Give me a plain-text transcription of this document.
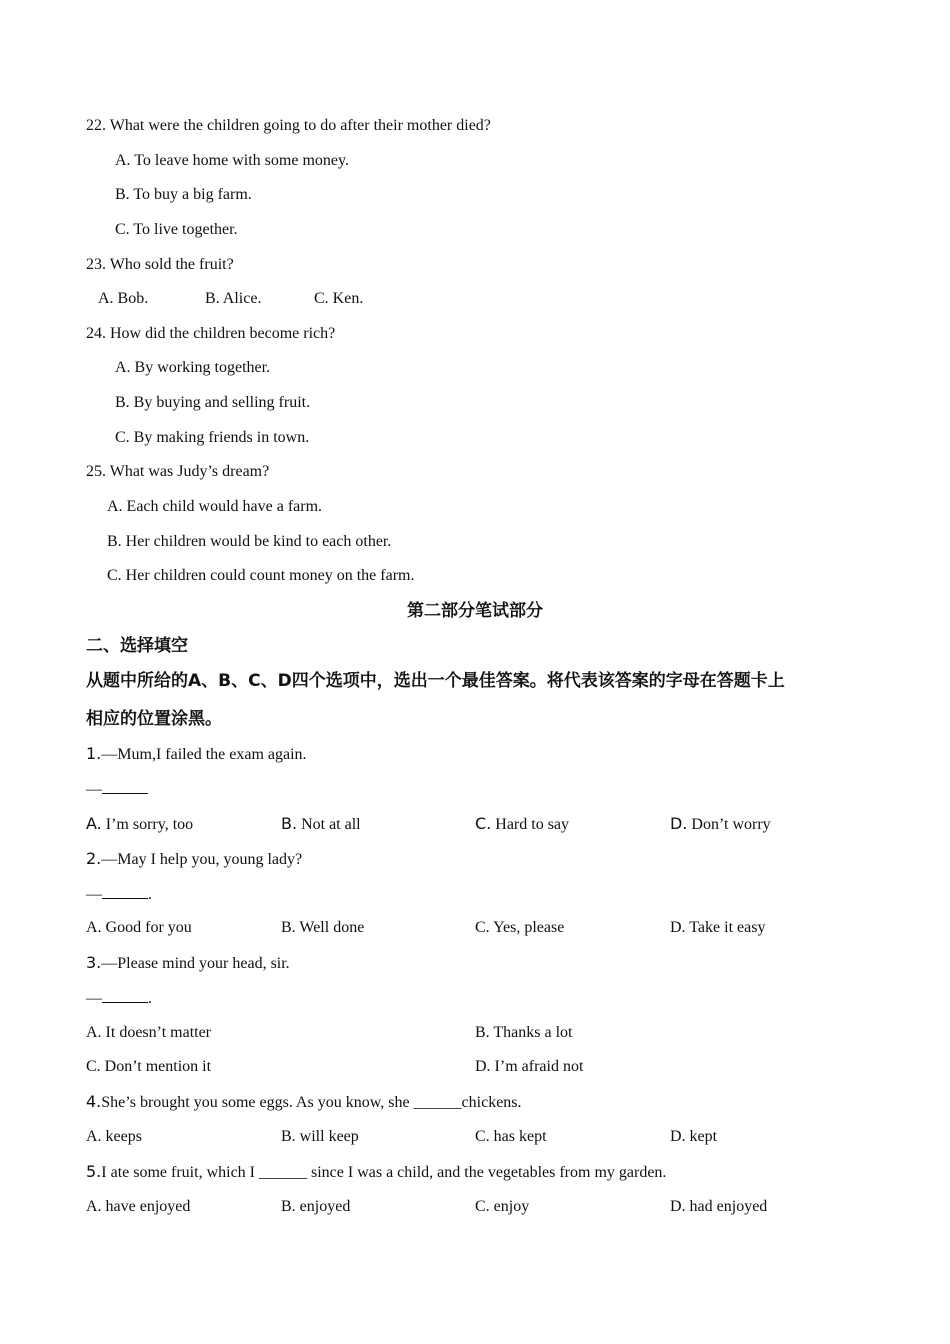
22. What were the children going to do after their mother died?
A. To leave home with some money.
B. To buy a big farm.
C. To live together.
23. Who sold the fruit?
A. Bob.	B. Alice.	C. Ken.
24. How did the children become rich?
A. By working together.
B. By buying and selling fruit.
C. By making friends in town.
25. What was Judy’s dream?
A. Each child would have a farm.
B. Her children would be kind to each other.
C. Her children could count money on the farm.
第二部分笔试部分
二、选择填空
从题中所给的A、B、C、D四个选项中，选出一个最佳答案。将代表该答案的字母在答题卡上
相应的位置涂黑。
1.—Mum,I failed the exam again.
—
A. I’m sorry, too	B. Not at all	C. Hard to say	D. Don’t worry
2.—May I help you, young lady?
—	.
A. Good for you	B. Well done	C. Yes, please	D. Take it easy
3.—Please mind your head, sir.
—	.
A. It doesn’t matter	B. Thanks a lot
C. Don’t mention it	D. I’m afraid not
4.She’s brought you some eggs. As you know, she ______chickens.
A. keeps	B. will keep	C. has kept	D. kept
5.I ate some fruit, which I ______ since I was a child, and the vegetables from my garden.
A. have enjoyed	B. enjoyed	C. enjoy	D. had enjoyed
